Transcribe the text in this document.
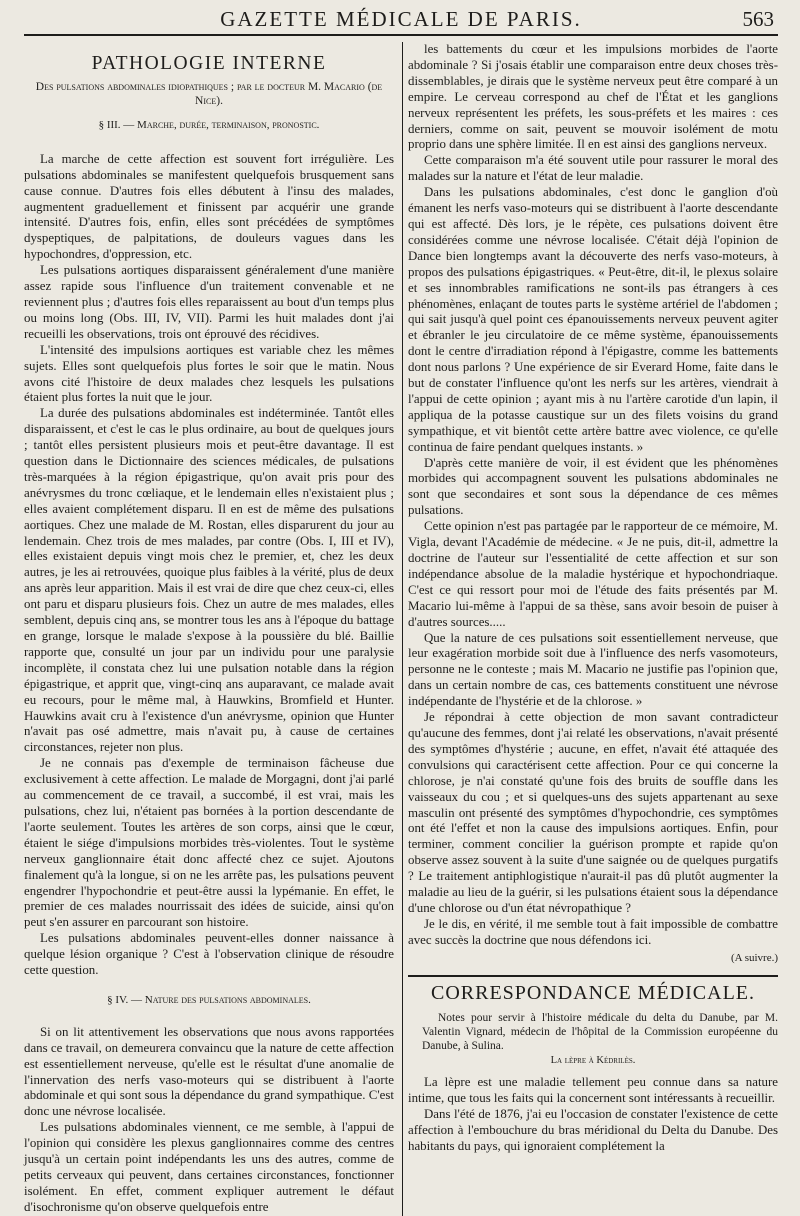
GAZETTE MÉDICALE DE PARIS.	563
PATHOLOGIE INTERNE
Des pulsations abdominales idiopathiques ; par le docteur M. Macario (de Nice).
§ III. — Marche, durée, terminaison, pronostic.

La marche de cette affection est souvent fort irrégulière. Les pulsations abdominales se manifestent quelquefois brusquement sans cause connue. D'autres fois elles débutent à l'insu des malades, augmentent graduellement et finissent par acquérir une grande intensité. D'autres fois, enfin, elles sont précédées de symptômes dyspeptiques, de palpitations, de douleurs vagues dans les hypochondres, d'oppression, etc.

Les pulsations aortiques disparaissent généralement d'une manière assez rapide sous l'influence d'un traitement convenable et ne reviennent plus ; d'autres fois elles reparaissent au bout d'un temps plus ou moins long (Obs. III, IV, VII). Parmi les huit malades dont j'ai recueilli les observations, trois ont éprouvé des récidives.

L'intensité des impulsions aortiques est variable chez les mêmes sujets. Elles sont quelquefois plus fortes le soir que le matin. Nous avons cité l'histoire de deux malades chez lesquels les pulsations étaient plus fortes la nuit que le jour.

La durée des pulsations abdominales est indéterminée. Tantôt elles disparaissent, et c'est le cas le plus ordinaire, au bout de quelques jours ; tantôt elles persistent plusieurs mois et peut-être davantage. Il est question dans le Dictionnaire des sciences médicales, de pulsations très-marquées à la région épigastrique, qu'on avait pris pour des anévrysmes du tronc cœliaque, et le lendemain elles n'existaient plus ; elles avaient complétement disparu. Il en est de même des pulsations aortiques. Chez une malade de M. Rostan, elles disparurent du jour au lendemain. Chez trois de mes malades, par contre (Obs. I, III et IV), elles existaient depuis vingt mois chez le premier, et, chez les deux autres, je les ai retrouvées, quoique plus faibles à la vérité, plus de deux ans après leur apparition. Mais il est vrai de dire que chez ceux-ci, elles ont paru et disparu plusieurs fois. Chez un autre de mes malades, elles semblent, depuis cinq ans, se montrer tous les ans à l'époque du battage en grange, lorsque le malade s'expose à la poussière du blé. Baillie rapporte que, consulté un jour par un individu pour une paralysie incomplète, il constata chez lui une pulsation notable dans la région épigastrique, et apprit que, vingt-cinq ans auparavant, ce malade avait eu recours, pour le même mal, à Hauwkins, Bromfield et Hunter. Hauwkins avait cru à l'existence d'un anévrysme, opinion que Hunter n'avait pas osé admettre, mais n'avait pu, à cause de certaines circonstances, rejeter non plus.

Je ne connais pas d'exemple de terminaison fâcheuse due exclusivement à cette affection. Le malade de Morgagni, dont j'ai parlé au commencement de ce travail, a succombé, il est vrai, mais les pulsations, chez lui, n'étaient pas bornées à la portion descendante de l'aorte seulement. Toutes les artères de son corps, ainsi que le cœur, étaient le siége d'impulsions morbides très-violentes. Tout le système nerveux ganglionnaire était donc affecté chez ce sujet. Ajoutons finalement qu'à la longue, si on ne les arrête pas, les pulsations peuvent engendrer l'hypochondrie et peut-être aussi la lypémanie. En effet, le premier de ces malades nourrissait des idées de suicide, ainsi qu'on peut s'en assurer en parcourant son histoire.

Les pulsations abdominales peuvent-elles donner naissance à quelque lésion organique ? C'est à l'observation clinique de résoudre cette question.

§ IV. — Nature des pulsations abdominales.

Si on lit attentivement les observations que nous avons rapportées dans ce travail, on demeurera convaincu que la nature de cette affection est essentiellement nerveuse, qu'elle est le résultat d'une anomalie de l'innervation des nerfs vaso-moteurs qui se distribuent à l'aorte abdominale et qui sont sous la dépendance du grand sympathique. C'est donc une névrose localisée.

Les pulsations abdominales viennent, ce me semble, à l'appui de l'opinion qui considère les plexus ganglionnaires comme des centres jusqu'à un certain point indépendants les uns des autres, comme de petits cerveaux qui peuvent, dans certaines circonstances, fonctionner isolément. En effet, comment expliquer autrement le défaut d'isochronisme qu'on observe quelquefois entre

les battements du cœur et les impulsions morbides de l'aorte abdominale ? Si j'osais établir une comparaison entre deux choses très-dissemblables, je dirais que le système nerveux peut être comparé à un empire. Le cerveau correspond au chef de l'État et les ganglions nerveux représentent les préfets, les sous-préfets et les maires : ces derniers, comme on sait, peuvent se mouvoir isolément de motu proprio dans une sphère limitée. Il en est ainsi des ganglions nerveux.

Cette comparaison m'a été souvent utile pour rassurer le moral des malades sur la nature et l'état de leur maladie.

Dans les pulsations abdominales, c'est donc le ganglion d'où émanent les nerfs vaso-moteurs qui se distribuent à l'aorte descendante qui est affecté. Dès lors, je le répète, ces pulsations doivent être considérées comme une névrose localisée. C'était déjà l'opinion de Dance bien longtemps avant la découverte des nerfs vaso-moteurs, à propos des pulsations épigastriques. « Peut-être, dit-il, le plexus solaire et ses innombrables ramifications ne sont-ils pas étrangers à ces phénomènes, enlaçant de toutes parts le système artériel de l'abdomen ; qui sait jusqu'à quel point ces épanouissements nerveux peuvent agiter et ébranler le jeu circulatoire de ce même système, épanouissements dont le centre d'irradiation répond à l'épigastre, comme les battements dont nous parlons ? Une expérience de sir Everard Home, faite dans le but de constater l'influence qu'ont les nerfs sur les artères, viendrait à l'appui de cette opinion ; ayant mis à nu l'artère carotide d'un lapin, il appliqua de la potasse caustique sur un des filets voisins du grand sympathique, et vit bientôt cette artère battre avec violence, ce qu'elle continua de faire pendant quelques instants. »

D'après cette manière de voir, il est évident que les phénomènes morbides qui accompagnent souvent les pulsations abdominales ne sont que secondaires et sont sous la dépendance de ces mêmes pulsations.

Cette opinion n'est pas partagée par le rapporteur de ce mémoire, M. Vigla, devant l'Académie de médecine. « Je ne puis, dit-il, admettre la doctrine de l'auteur sur l'essentialité de cette affection et sur son indépendance absolue de la maladie hystérique et hypochondriaque. C'est ce qui ressort pour moi de l'étude des faits présentés par M. Macario lui-même à l'appui de sa thèse, sans avoir besoin de puiser à d'autres sources.....

Que la nature de ces pulsations soit essentiellement nerveuse, que leur exagération morbide soit due à l'influence des nerfs vasomoteurs, personne ne le conteste ; mais M. Macario ne justifie pas l'opinion que, dans un certain nombre de cas, ces battements constituent une névrose indépendante de l'hystérie et de la chlorose. »

Je répondrai à cette objection de mon savant contradicteur qu'aucune des femmes, dont j'ai relaté les observations, n'avait présenté des symptômes d'hystérie ; aucune, en effet, n'avait été attaquée des convulsions qui caractérisent cette affection. Pour ce qui concerne la chlorose, je n'ai constaté qu'une fois des bruits de souffle dans les vaisseaux du cou ; et si quelques-uns des sujets appartenant au sexe masculin ont présenté des symptômes d'hypochondrie, ces symptômes ont été l'effet et non la cause des impulsions aortiques. Enfin, pour terminer, comment concilier la guérison prompte et rapide qu'on observe assez souvent à la suite d'une saignée ou de quelques purgatifs ? Le traitement antiphlogistique n'aurait-il pas dû plutôt augmenter la maladie au lieu de la guérir, si les pulsations étaient sous la dépendance d'une chlorose ou d'un état névropathique ?

Je le dis, en vérité, il me semble tout à fait impossible de combattre avec succès la doctrine que nous défendons ici.

(A suivre.)
CORRESPONDANCE MÉDICALE.

Notes pour servir à l'histoire médicale du delta du Danube, par M. Valentin Vignard, médecin de l'hôpital de la Commission européenne du Danube, à Sulina.

La lèpre à Kédrilès.

La lèpre est une maladie tellement peu connue dans sa nature intime, que tous les faits qui la concernent sont intéressants à recueillir.

Dans l'été de 1876, j'ai eu l'occasion de constater l'existence de cette affection à l'embouchure du bras méridional du Delta du Danube. Des habitants du pays, qui ignoraient complétement la
